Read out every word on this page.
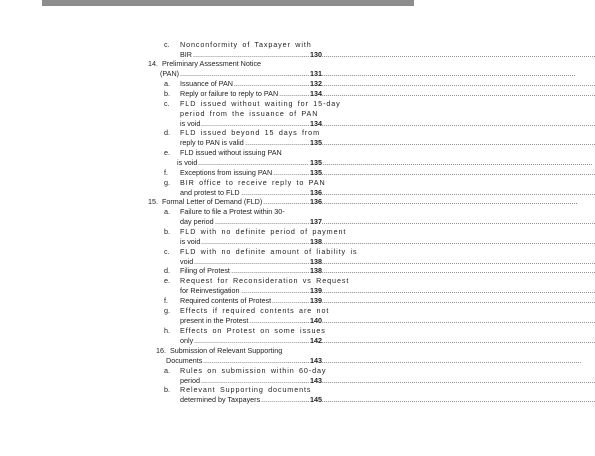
c. Nonconformity of Taxpayer with
BIR	130
.....
14. Preliminary Assessment Notice
(PAN)	131
.....
a. Issuance of PAN	132
.....
b. Reply or failure to reply to PAN	134
.....
c. FLD issued without waiting for 15-day
period from the issuance of PAN
is void	134
.....
d. FLD issued beyond 15 days from
reply to PAN is valid	135
.....
e. FLD issued without issuing PAN
is void	135
.....
f. Exceptions from issuing PAN	135
.....
g. BIR office to receive reply to PAN
and protest to FLD	136
.....
15. Formal Letter of Demand (FLD)	136
.....
a. Failure to file a Protest within 30-
day period	137
.....
b. FLD with no definite period of payment
is void	138
.....
c. FLD with no definite amount of liability is
void	138
.....
d. Filing of Protest	138
.....
e. Request for Reconsideration vs Request
for Reinvestigation	139
.....
f. Required contents of Protest	139
.....
g. Effects if required contents are not
present in the Protest	140
.....
h. Effects on Protest on some issues
only	142
.....
16. Submission of Relevant Supporting
Documents	143
.....
a. Rules on submission within 60-day
period	143
.....
b. Relevant Supporting documents
determined by Taxpayers	145
.....
